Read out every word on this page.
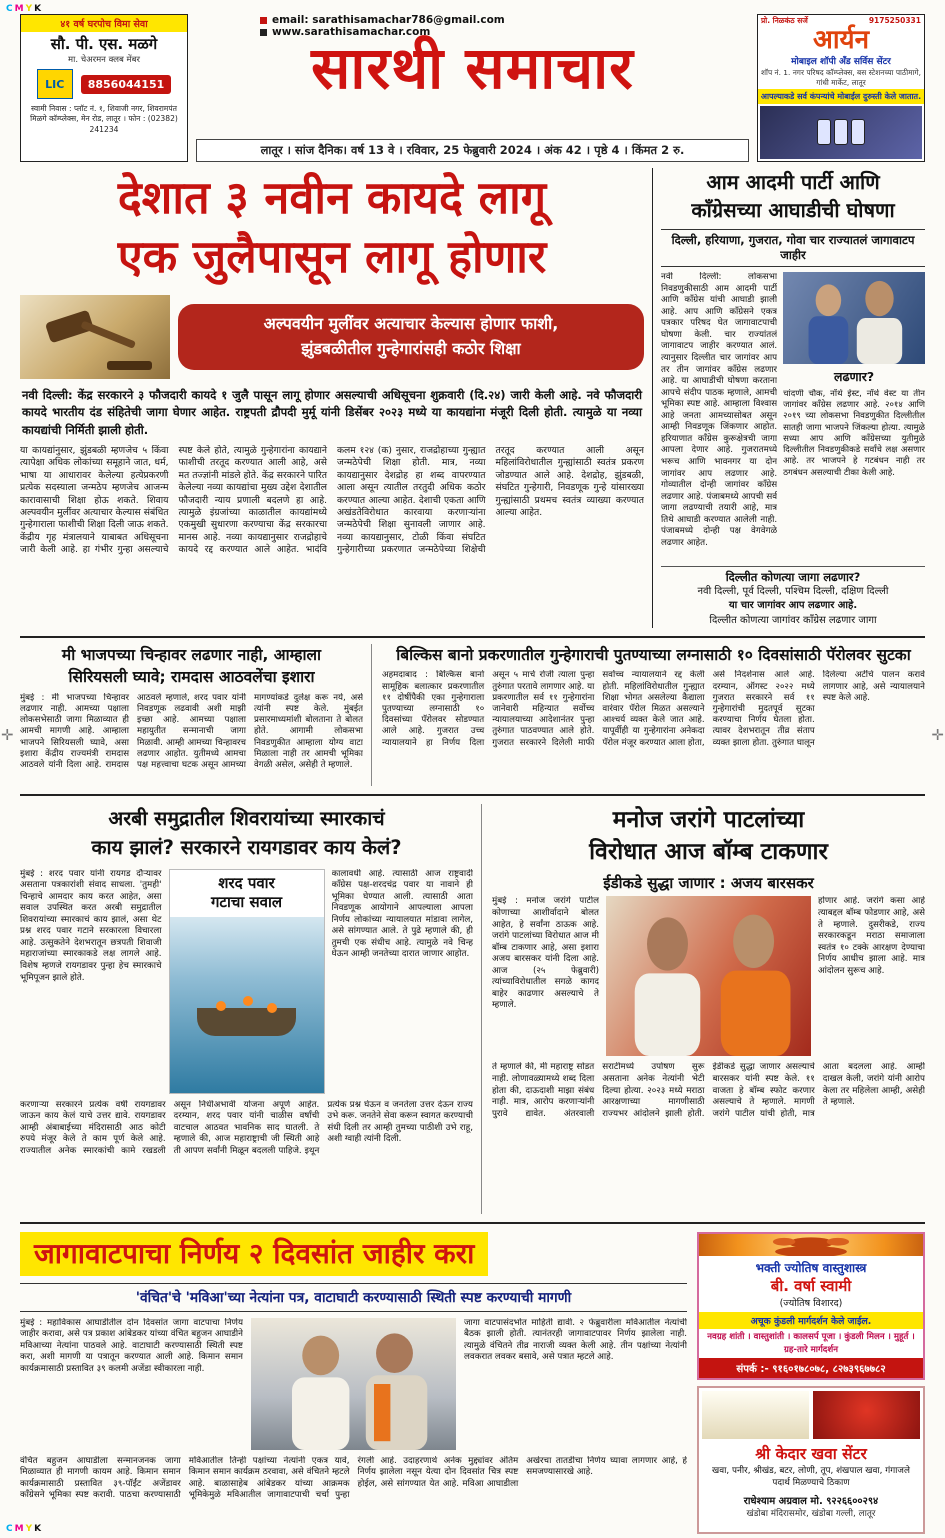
CMYK
CMYK
✛	✛
४१ वर्ष घरपोच विमा सेवा
सौ. पी. एस. मळगे
मा. चेअरमन क्लब मेंबर
LIC	8856044151
स्वामी निवास : प्लॉट नं. १, शिवाजी नगर, शिवरामपंत मिळगे कॉम्प्लेक्स, मेन रोड, लातूर । फोन : (02382) 241234
email: sarathisamachar786@gmail.com
www.sarathisamachar.com
सारथी समाचार
लातूर । सांज दैनिक। वर्ष 13 वे । रविवार, 25 फेब्रुवारी 2024 । अंक 42 । पृष्ठे 4 । किंमत 2 रु.
प्रो. निळकंठ सर्जे	9175250331
आर्यन
मोबाइल शॉपी अँड सर्विस सेंटर
शॉप नं. 1. नगर परिषद कॉम्प्लेक्स, बस स्टेशनच्या पाठीमागे, गांधी मार्केट, लातूर
आपल्याकडे सर्व कंपन्यांचे मोबाईल दुरुस्ती केले जातात.
देशात ३ नवीन कायदे लागू
एक जुलैपासून लागू होणार
अल्पवयीन मुलींवर अत्याचार केल्यास होणार फाशी,
झुंडबळीतील गुन्हेगारांसही कठोर शिक्षा

नवी दिल्ली: केंद्र सरकारने ३ फौजदारी कायदे १ जुलै पासून लागू होणार असल्याची अधिसूचना शुक्रवारी (दि.२४) जारी केली आहे. नवे फौजदारी कायदे भारतीय दंड संहितेची जागा घेणार आहेत. राष्ट्रपती द्रौपदी मुर्मू यांनी डिसेंबर २०२३ मध्ये या कायद्यांना मंजूरी दिली होती. त्यामुळे या नव्या कायद्यांची निर्मिती झाली होती.

या कायद्यांनुसार, झुंडबळी म्हणजेच ५ किंवा त्यापेक्षा अधिक लोकांच्या समूहाने जात, धर्म, भाषा या आधारावर केलेल्या हत्येप्रकरणी प्रत्येक सदस्याला जन्मठेप म्हणजेच आजन्म कारावासाची शिक्षा होऊ शकते. शिवाय अल्पवयीन मुलींवर अत्याचार केल्यास संबंधित गुन्हेगाराला फाशीची शिक्षा दिली जाऊ शकते. केंद्रीय गृह मंत्रालयाने याबाबत अधिसूचना जारी केली आहे. हा गंभीर गुन्हा असल्याचे स्पष्ट केले होते, त्यामुळे गुन्हेगारांना कायद्याने फाशीची तरतूद करण्यात आली आहे, असे मत तज्ज्ञांनी मांडले होते. केंद्र सरकारने पारित केलेल्या नव्या कायद्यांचा मुख्य उद्देश देशातील फौजदारी न्याय प्रणाली बदलणे हा आहे. त्यामुळे इंग्रजांच्या काळातील कायद्यांमध्ये एकमुखी सुधारणा करण्याचा केंद्र सरकारचा मानस आहे. नव्या कायद्यानुसार राजद्रोहाचे कायदे रद्द करण्यात आले आहेत. भादंवि कलम १२४ (क) नुसार, राजद्रोहाच्या गुन्ह्यात जन्मठेपेची शिक्षा होती. मात्र, नव्या कायद्यानुसार देशद्रोह हा शब्द वापरण्यात आला असून त्यातील तरतुदी अधिक कठोर करण्यात आल्या आहेत. देशाची एकता आणि अखंडतेविरोधात कारवाया करणाऱ्यांना जन्मठेपेची शिक्षा सुनावली जाणार आहे. नव्या कायद्यानुसार, टोळी किंवा संघटित गुन्हेगारीच्या प्रकरणात जन्मठेपेच्या शिक्षेची तरतूद करण्यात आली असून महिलांविरोधातील गुन्ह्यांसाठी स्वतंत्र प्रकरण जोडण्यात आले आहे. देशद्रोह, झुंडबळी, संघटित गुन्हेगारी, निवडणूक गुन्हे यांसारख्या गुन्ह्यांसाठी प्रथमच स्वतंत्र व्याख्या करण्यात आल्या आहेत.
आम आदमी पार्टी आणि
काँग्रेसच्या आघाडीची घोषणा
दिल्ली, हरियाणा, गुजरात, गोवा चार राज्यातलं जागावाटप जाहीर
नवी दिल्ली: लोकसभा निवडणुकीसाठी आम आदमी पार्टी आणि काँग्रेस यांची आघाडी झाली आहे. आप आणि काँग्रेसने एकत्र पत्रकार परिषद घेत जागावाटपाची घोषणा केली. चार राज्यांतलं जागावाटप जाहीर करण्यात आलं. त्यानुसार दिल्लीत चार जागांवर आप तर तीन जागांवर काँग्रेस लढणार आहे. या आघाडीची घोषणा करताना आपचे संदीप पाठक म्हणाले, आमची भूमिका स्पष्ट आहे. आम्हाला विश्वास आहे जनता आमच्यासोबत असून आम्ही निवडणूक जिंकणार आहोत. हरियाणात काँग्रेस कुरूक्षेत्रची जागा आपला देणार आहे. गुजरातमध्ये भरूच आणि भावनगर या दोन जागांवर आप लढणार आहे. गोव्यातील दोन्ही जागांवर काँग्रेस लढणार आहे. पंजाबमध्ये आपची सर्व जागा लढण्याची तयारी आहे, मात्र तिथे आघाडी करण्यात आलेली नाही. पंजाबमध्ये दोन्ही पक्ष वेगवेगळे लढणार आहेत.
लढणार?
चांदणी चौक, नॉर्थ ईस्ट, नॉर्थ वेस्ट या तीन जागांवर काँग्रेस लढणार आहे. २०१४ आणि २०१९ च्या लोकसभा निवडणुकीत दिल्लीतील सातही जागा भाजपने जिंकल्या होत्या. त्यामुळे सध्या आप आणि काँग्रेसच्या युतीमुळे दिल्लीतील निवडणुकीकडे सर्वांचे लक्ष असणार आहे. तर भाजपने हे गटबंधन नाही तर ठगबंधन असल्याची टीका केली आहे.
दिल्लीत कोणत्या जागा लढणार?
नवी दिल्ली, पूर्व दिल्ली, पश्चिम दिल्ली, दक्षिण दिल्ली
या चार जागांवर आप लढणार आहे.
दिल्लीत कोणत्या जागांवर काँग्रेस लढणार जागा
मी भाजपच्या चिन्हावर लढणार नाही, आम्हाला
सिरियसली घ्यावे; रामदास आठवलेंचा इशारा
मुंबई : मी भाजपच्या चिन्हावर लढणार नाही. आमच्या पक्षाला लोकसभेसाठी जागा मिळाव्यात ही आमची मागणी आहे. आम्हाला भाजपने सिरियसली घ्यावे, असा इशारा केंद्रीय राज्यमंत्री रामदास आठवले यांनी दिला आहे. रामदास आठवले म्हणाले, शरद पवार यांनी निवडणूक लढवावी अशी माझी इच्छा आहे. आमच्या पक्षाला महायुतीत सन्मानाची जागा मिळावी. आम्ही आमच्या चिन्हावरच लढणार आहोत. युतीमध्ये आमचा पक्ष महत्त्वाचा घटक असून आमच्या मागण्यांकडे दुर्लक्ष करू नये, असे त्यांनी स्पष्ट केले. मुंबईत प्रसारमाध्यमांशी बोलताना ते बोलत होते. आगामी लोकसभा निवडणुकीत आम्हाला योग्य वाटा मिळाला नाही तर आमची भूमिका वेगळी असेल, असेही ते म्हणाले.
बिल्किस बानो प्रकरणातील गुन्हेगाराची पुतण्याच्या लग्नासाठी १० दिवसांसाठी पॅरोलवर सुटका
अहमदाबाद : बिल्किस बानो सामूहिक बलात्कार प्रकरणातील ११ दोषींपैकी एका गुन्हेगाराला पुतण्याच्या लग्नासाठी १० दिवसांच्या पॅरोलवर सोडण्यात आले आहे. गुजरात उच्च न्यायालयाने हा निर्णय दिला असून ५ मार्च रोजी त्याला पुन्हा तुरुंगात परतावे लागणार आहे. या प्रकरणातील सर्व ११ गुन्हेगारांना जानेवारी महिन्यात सर्वोच्च न्यायालयाच्या आदेशानंतर पुन्हा तुरुंगात पाठवण्यात आले होते. गुजरात सरकारने दिलेली माफी सर्वोच्च न्यायालयाने रद्द केली होती. महिलांविरोधातील गुन्ह्यात शिक्षा भोगत असलेल्या कैद्याला वारंवार पॅरोल मिळत असल्याने आश्चर्य व्यक्त केले जात आहे. यापूर्वीही या गुन्हेगारांना अनेकदा पॅरोल मंजूर करण्यात आला होता, असे निदर्शनास आले आहे. दरम्यान, ऑगस्ट २०२२ मध्ये गुजरात सरकारने सर्व ११ गुन्हेगारांची मुदतपूर्व सुटका करण्याचा निर्णय घेतला होता. त्यावर देशभरातून तीव्र संताप व्यक्त झाला होता. तुरुंगात घालून दिलेल्या अटींचे पालन करावे लागणार आहे, असे न्यायालयाने स्पष्ट केले आहे.
अरबी समुद्रातील शिवरायांच्या स्मारकाचं
काय झालं? सरकारने रायगडावर काय केलं?
मुंबई : शरद पवार यांनी रायगड दौऱ्यावर असताना पत्रकारांशी संवाद साधला. 'तुमही' चिन्हाचे आमदार काय करत आहेत, असा सवाल उपस्थित करत अरबी समुद्रातील शिवरायांच्या स्मारकाचं काय झालं, असा थेट प्रश्न शरद पवार गटाने सरकारला विचारला आहे. उत्सुकतेने देशभरातून छत्रपती शिवाजी महाराजांच्या स्मारकाकडे लक्ष लागले आहे. विशेष म्हणजे रायगडावर पुन्हा हेच स्मारकाचे भूमिपूजन झाले होते.
शरद पवार
गटाचा सवाल
कालावधी आहे. त्यासाठी आज राष्ट्रवादी काँग्रेस पक्ष-शरदचंद्र पवार या नावाने ही भूमिका घेण्यात आली. त्यासाठी आता निवडणूक आयोगाने आपल्याला आपला निर्णय लोकांच्या न्यायालयात मांडावा लागेल, असे सांगण्यात आले. ते पुढे म्हणाले की, ही तुमची एक संधीच आहे. त्यामुळे नवे चिन्ह घेऊन आम्ही जनतेच्या दारात जाणार आहोत.
करणाऱ्या सरकारने प्रत्येक वर्षी रायगडावर जाऊन काय केलं याचे उत्तर द्यावे. रायगडावर आम्ही अंबाबाईच्या मंदिरासाठी आठ कोटी रुपये मंजूर केले ते काम पूर्ण केले आहे. राज्यातील अनेक स्मारकांची कामे रखडली असून निधीअभावी योजना अपूर्ण आहेत. दरम्यान, शरद पवार यांनी चाळीस वर्षांची वाटचाल आठवत भावनिक साद घातली. ते म्हणाले की, आज महाराष्ट्राची जी स्थिती आहे ती आपण सर्वांनी मिळून बदलली पाहिजे. इथून प्रत्येक प्रश्न घेऊन व जनतेला उत्तर देऊन राज्य उभे करू. जनतेने सेवा करून स्वागत करण्याची संधी दिली तर आम्ही तुमच्या पाठीशी उभे राहू, अशी ग्वाही त्यांनी दिली.
मनोज जरांगे पाटलांच्या
विरोधात आज बॉम्ब टाकणार
ईडीकडे सुद्धा जाणार : अजय बारसकर
मुंबई : मनोज जरांगे पाटील कोणाच्या आशीर्वादाने बोलत आहेत, हे सर्वांना ठाऊक आहे. जरांगे पाटलांच्या विरोधात आज मी बॉम्ब टाकणार आहे, असा इशारा अजय बारसकर यांनी दिला आहे. आज (२५ फेब्रुवारी) त्यांच्याविरोधातील सगळे कागद बाहेर काढणार असल्याचे ते म्हणाले.
होणार आहे. जरांगे कसा आहे त्याबद्दल बॉम्ब फोडणार आहे, असे ते म्हणाले. दुसरीकडे, राज्य सरकारकडून मराठा समाजाला स्वतंत्र १० टक्के आरक्षण देण्याचा निर्णय आधीच झाला आहे. मात्र आंदोलन सुरूच आहे.
ते म्हणाले की, मी महाराष्ट्र सोडत नाही. लोणावळ्यामध्ये शब्द दिला होता की, दाऊदाशी माझा संबंध नाही. मात्र, आरोप करणाऱ्यांनी पुरावे द्यावेत. अंतरवाली सराटीमध्ये उपोषण सुरू असताना अनेक नेत्यांनी भेटी दिल्या होत्या. २०२३ मध्ये मराठा आरक्षणाच्या मागणीसाठी राज्यभर आंदोलने झाली होती. ईडीकडे सुद्धा जाणार असल्याचे बारसकर यांनी स्पष्ट केले. ११ वाजता हे बॉम्ब स्फोट करणार असल्याचे ते म्हणाले. मागणी जरांगे पाटील यांची होती, मात्र आता बदलला आहे. आम्ही दाखल केली, जरांगे यांनी आरोप केला तर महिलेला आम्ही, असेही ते म्हणाले.
जागावाटपाचा निर्णय २ दिवसांत जाहीर करा
'वंचित'चे 'मविआ'च्या नेत्यांना पत्र, वाटाघाटी करण्यासाठी स्थिती स्पष्ट करण्याची मागणी
मुंबई : महाविकास आघाडीतील दोन दिवसांत जागा वाटपाचा निर्णय जाहीर करावा, असे पत्र प्रकाश आंबेडकर यांच्या वंचित बहुजन आघाडीने मविआच्या नेत्यांना पाठवले आहे. वाटाघाटी करण्यासाठी स्थिती स्पष्ट करा, अशी मागणी या पत्रातून करण्यात आली आहे. किमान समान कार्यक्रमासाठी प्रस्तावित ३९ कलमी अजेंडा स्वीकारला नाही.
जागा वाटपासंदर्भात माहिती द्यावी. २ फेब्रुवारीला मविआतील नेत्यांची बैठक झाली होती. त्यानंतरही जागावाटपावर निर्णय झालेला नाही. त्यामुळे वंचितने तीव्र नाराजी व्यक्त केली आहे. तीन पक्षांच्या नेत्यांनी लवकरात लवकर बसावे, असे पत्रात म्हटले आहे.
वंचित बहुजन आघाडीला सन्मानजनक जागा मिळाव्यात ही मागणी कायम आहे. किमान समान कार्यक्रमासाठी प्रस्तावित ३९-पॉईंट अजेंडावर काँग्रेसने भूमिका स्पष्ट करावी. पाठचा करण्यासाठी मविआतील तिन्ही पक्षांच्या नेत्यांनी एकत्र यावे, किमान समान कार्यक्रम ठरवावा, असे वंचितने म्हटले आहे. बाळासाहेब आंबेडकर यांच्या आक्रमक भूमिकेमुळे मविआतील जागावाटपाची चर्चा पुन्हा रंगली आहे. उदाहरणार्थ अनेक मुद्द्यांवर अंतिम निर्णय झालेला नसून येत्या दोन दिवसांत चित्र स्पष्ट होईल, असे सांगण्यात येत आहे. मविआ आघाडीला अखेरचा तातडीचा निर्णय घ्यावा लागणार आहे, हे समजण्यासारखे आहे.
भक्ती ज्योतिष वास्तुशास्त्र
बी. वर्षा स्वामी
(ज्योतिष विशारद)
अचूक कुंडली मार्गदर्शन केले जाईल.
नवग्रह शांती । वास्तुशांती । कालसर्प पूजा । कुंडली मिलन । मुहूर्त । ग्रह-तारे मार्गदर्शन
संपर्क :- ९१६०१७८०७८, ८२७३९६७७८२
श्री केदार खवा सेंटर
खवा, पनीर, श्रीखंड, बटर, लोणी, तूप, शंखपाल खवा, गंगाजले पदार्थ मिळण्याचे ठिकाण
राधेश्याम अग्रवाल मो. ९२२६६००२९४
खंडोबा मंदिरासमोर, खंडोबा गल्ली, लातूर
